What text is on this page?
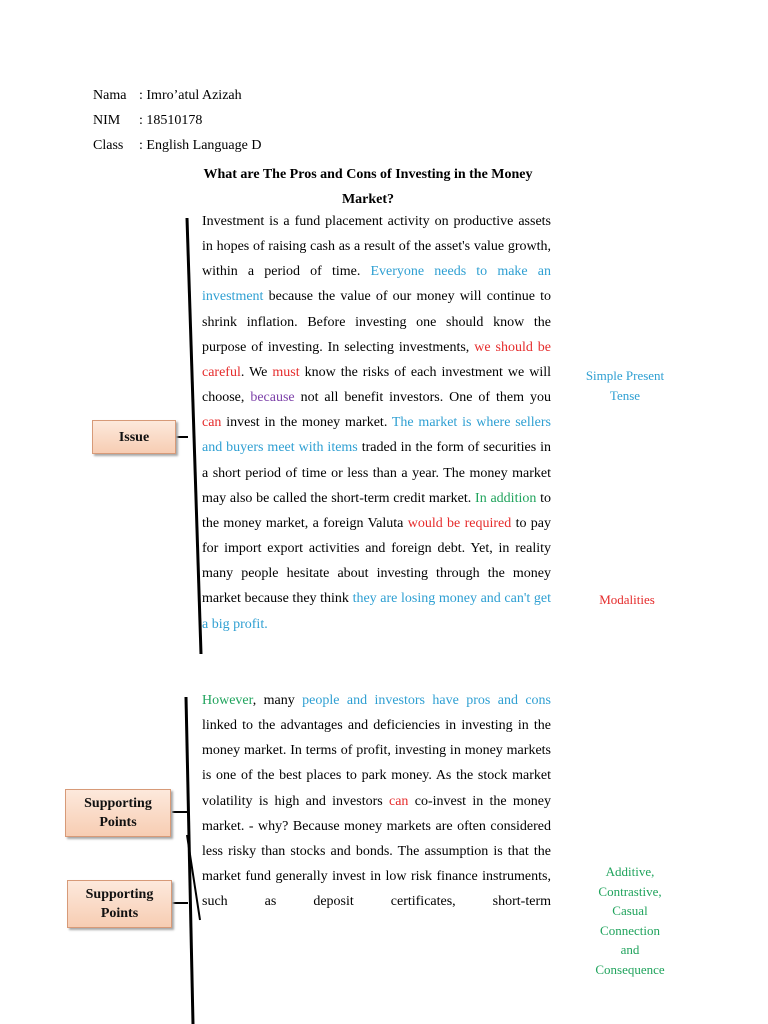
Nama : Imro’atul Azizah
NIM : 18510178
Class : English Language D
What are The Pros and Cons of Investing in the Money
Market?
Investment is a fund placement activity on productive assets in hopes of raising cash as a result of the asset's value growth, within a period of time. Everyone needs to make an investment because the value of our money will continue to shrink inflation. Before investing one should know the purpose of investing. In selecting investments, we should be careful. We must know the risks of each investment we will choose, because not all benefit investors. One of them you can invest in the money market. The market is where sellers and buyers meet with items traded in the form of securities in a short period of time or less than a year. The money market may also be called the short-term credit market. In addition to the money market, a foreign Valuta would be required to pay for import export activities and foreign debt. Yet, in reality many people hesitate about investing through the money market because they think they are losing money and can't get a big profit.
However, many people and investors have pros and cons linked to the advantages and deficiencies in investing in the money market. In terms of profit, investing in money markets is one of the best places to park money. As the stock market volatility is high and investors can co-invest in the money market. - why? Because money markets are often considered less risky than stocks and bonds. The assumption is that the market fund generally invest in low risk finance instruments, such as deposit certificates, short-term
Issue
Supporting
Points
Supporting
Points
Simple Present
Tense
Modalities
Additive,
Contrastive,
Casual
Connection
and
Consequence
